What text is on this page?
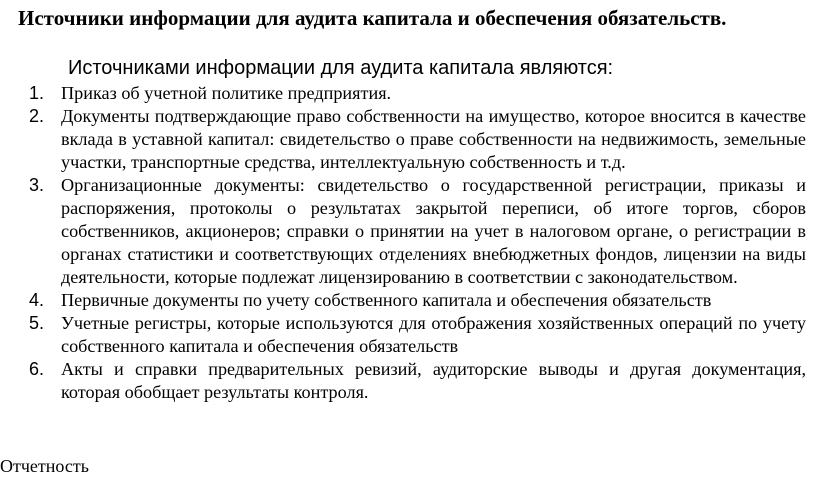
Источники информации для аудита капитала и обеспечения обязательств.
Источниками информации для аудита капитала являются:
1. Приказ об учетной политике предприятия.
2. Документы подтверждающие право собственности на имущество, которое вносится в качестве вклада в уставной капитал: свидетельство о праве собственности на недвижимость, земельные участки, транспортные средства, интеллектуальную собственность и т.д.
3. Организационные документы: свидетельство о государственной регистрации, приказы и распоряжения, протоколы о результатах закрытой переписи, об итоге торгов, сборов собственников, акционеров; справки о принятии на учет в налоговом органе, о регистрации в органах статистики и соответствующих отделениях внебюджетных фондов, лицензии на виды деятельности, которые подлежат лицензированию в соответствии с законодательством.
4. Первичные документы по учету собственного капитала и обеспечения обязательств
5. Учетные регистры, которые используются для отображения хозяйственных операций по учету собственного капитала и обеспечения обязательств
6. Акты и справки предварительных ревизий, аудиторские выводы и другая документация, которая обобщает результаты контроля.
Отчетность
